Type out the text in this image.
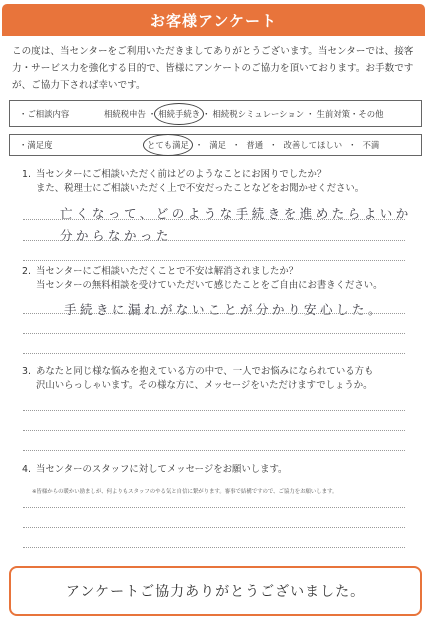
お客様アンケート
この度は、当センターをご利用いただきましてありがとうございます。当センターでは、接客力・サービス力を強化する目的で、皆様にアンケートのご協力を頂いております。お手数ですが、ご協力下されば幸いです。
・ご相談内容	相続税申告 ・ 相続手続き ・ 相続税シミュレーション ・ 生前対策・その他
・満足度	とても満足 ・ 満足 ・ 普通 ・ 改善してほしい ・ 不満
1. 当センターにご相談いただく前はどのようなことにお困りでしたか？
また、税理士にご相談いただく上で不安だったことなどをお聞かせください。
亡くなって、どのような手続きを進めたらよいか
分からなかった
2. 当センターにご相談いただくことで不安は解消されましたか？
当センターの無料相談を受けていただいて感じたことをご自由にお書きください。
手続きに漏れがないことが分かり安心した。
3. あなたと同じ様な悩みを抱えている方の中で、一人でお悩みになられている方も
沢山いらっしゃいます。その様な方に、メッセージをいただけますでしょうか。
4. 当センターのスタッフに対してメッセージをお願いします。
※皆様からの暖かい励ましが、何よりもスタッフのやる気と自信に繋がります。審事で結構ですので、ご協力をお願いします。
アンケートご協力ありがとうございました。
